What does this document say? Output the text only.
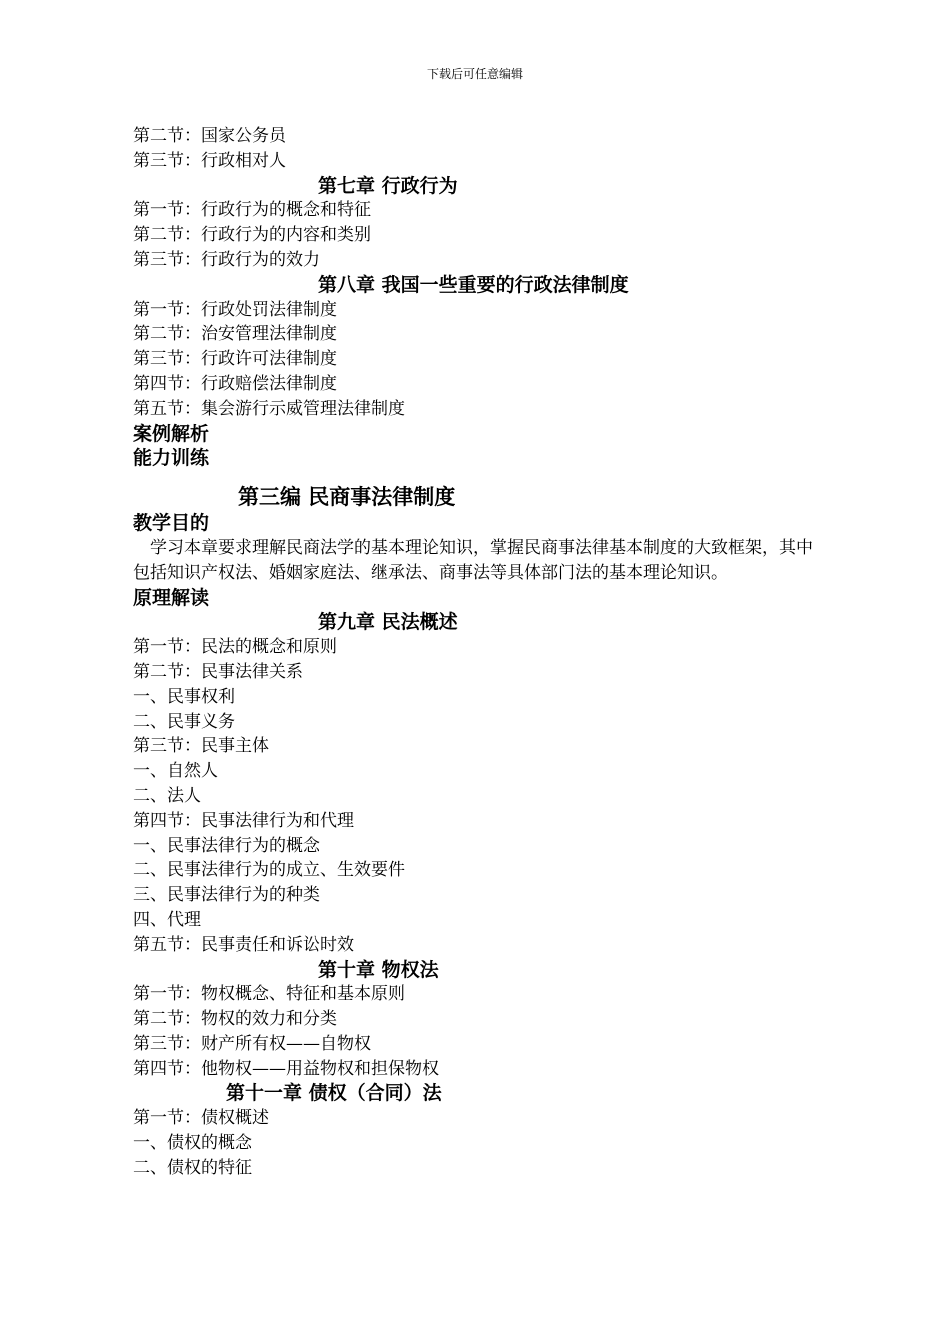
下载后可任意编辑
第二节：国家公务员
第三节：行政相对人
第七章 行政行为
第一节：行政行为的概念和特征
第二节：行政行为的内容和类别
第三节：行政行为的效力
第八章 我国一些重要的行政法律制度
第一节：行政处罚法律制度
第二节：治安管理法律制度
第三节：行政许可法律制度
第四节：行政赔偿法律制度
第五节：集会游行示威管理法律制度
案例解析
能力训练
第三编 民商事法律制度
教学目的
学习本章要求理解民商法学的基本理论知识，掌握民商事法律基本制度的大致框架，其中包括知识产权法、婚姻家庭法、继承法、商事法等具体部门法的基本理论知识。
原理解读
第九章 民法概述
第一节：民法的概念和原则
第二节：民事法律关系
一、民事权利
二、民事义务
第三节：民事主体
一、自然人
二、法人
第四节：民事法律行为和代理
一、民事法律行为的概念
二、民事法律行为的成立、生效要件
三、民事法律行为的种类
四、代理
第五节：民事责任和诉讼时效
第十章 物权法
第一节：物权概念、特征和基本原则
第二节：物权的效力和分类
第三节：财产所有权——自物权
第四节：他物权——用益物权和担保物权
第十一章 债权（合同）法
第一节：债权概述
一、债权的概念
二、债权的特征
